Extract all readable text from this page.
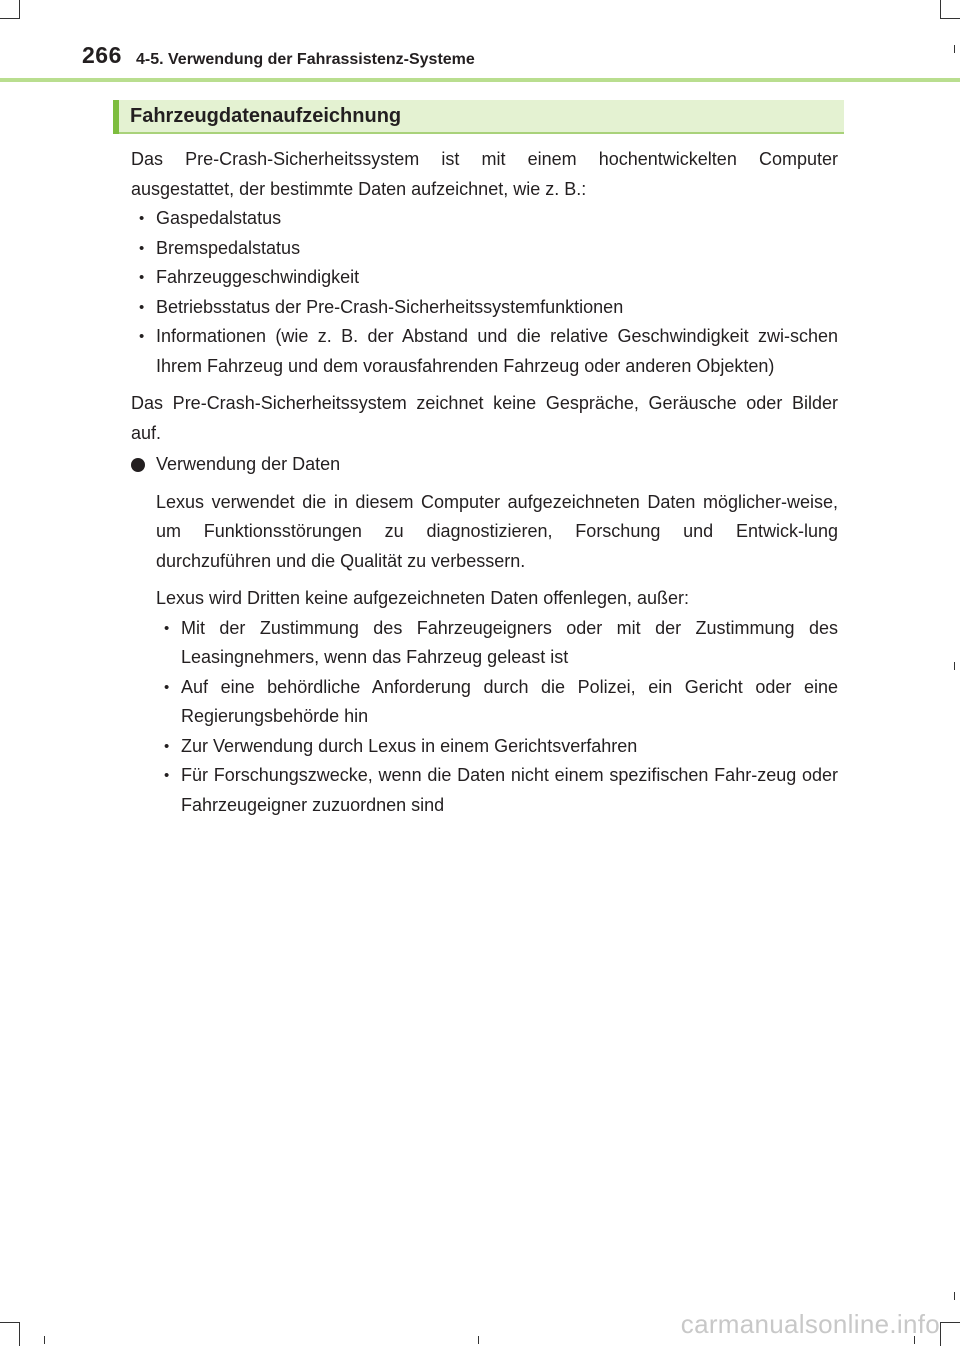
266 4-5. Verwendung der Fahrassistenz-Systeme
Fahrzeugdatenaufzeichnung

Das Pre-Crash-Sicherheitssystem ist mit einem hochentwickelten Computer ausgestattet, der bestimmte Daten aufzeichnet, wie z. B.:

• Gaspedalstatus
• Bremspedalstatus
• Fahrzeuggeschwindigkeit
• Betriebsstatus der Pre-Crash-Sicherheitssystemfunktionen
• Informationen (wie z. B. der Abstand und die relative Geschwindigkeit zwi-schen Ihrem Fahrzeug und dem vorausfahrenden Fahrzeug oder anderen Objekten)

Das Pre-Crash-Sicherheitssystem zeichnet keine Gespräche, Geräusche oder Bilder auf.

Verwendung der Daten

Lexus verwendet die in diesem Computer aufgezeichneten Daten möglicher-weise, um Funktionsstörungen zu diagnostizieren, Forschung und Entwick-lung durchzuführen und die Qualität zu verbessern.

Lexus wird Dritten keine aufgezeichneten Daten offenlegen, außer:

• Mit der Zustimmung des Fahrzeugeigners oder mit der Zustimmung des Leasingnehmers, wenn das Fahrzeug geleast ist
• Auf eine behördliche Anforderung durch die Polizei, ein Gericht oder eine Regierungsbehörde hin
• Zur Verwendung durch Lexus in einem Gerichtsverfahren
• Für Forschungszwecke, wenn die Daten nicht einem spezifischen Fahr-zeug oder Fahrzeugeigner zuzuordnen sind
carmanualsonline.info
